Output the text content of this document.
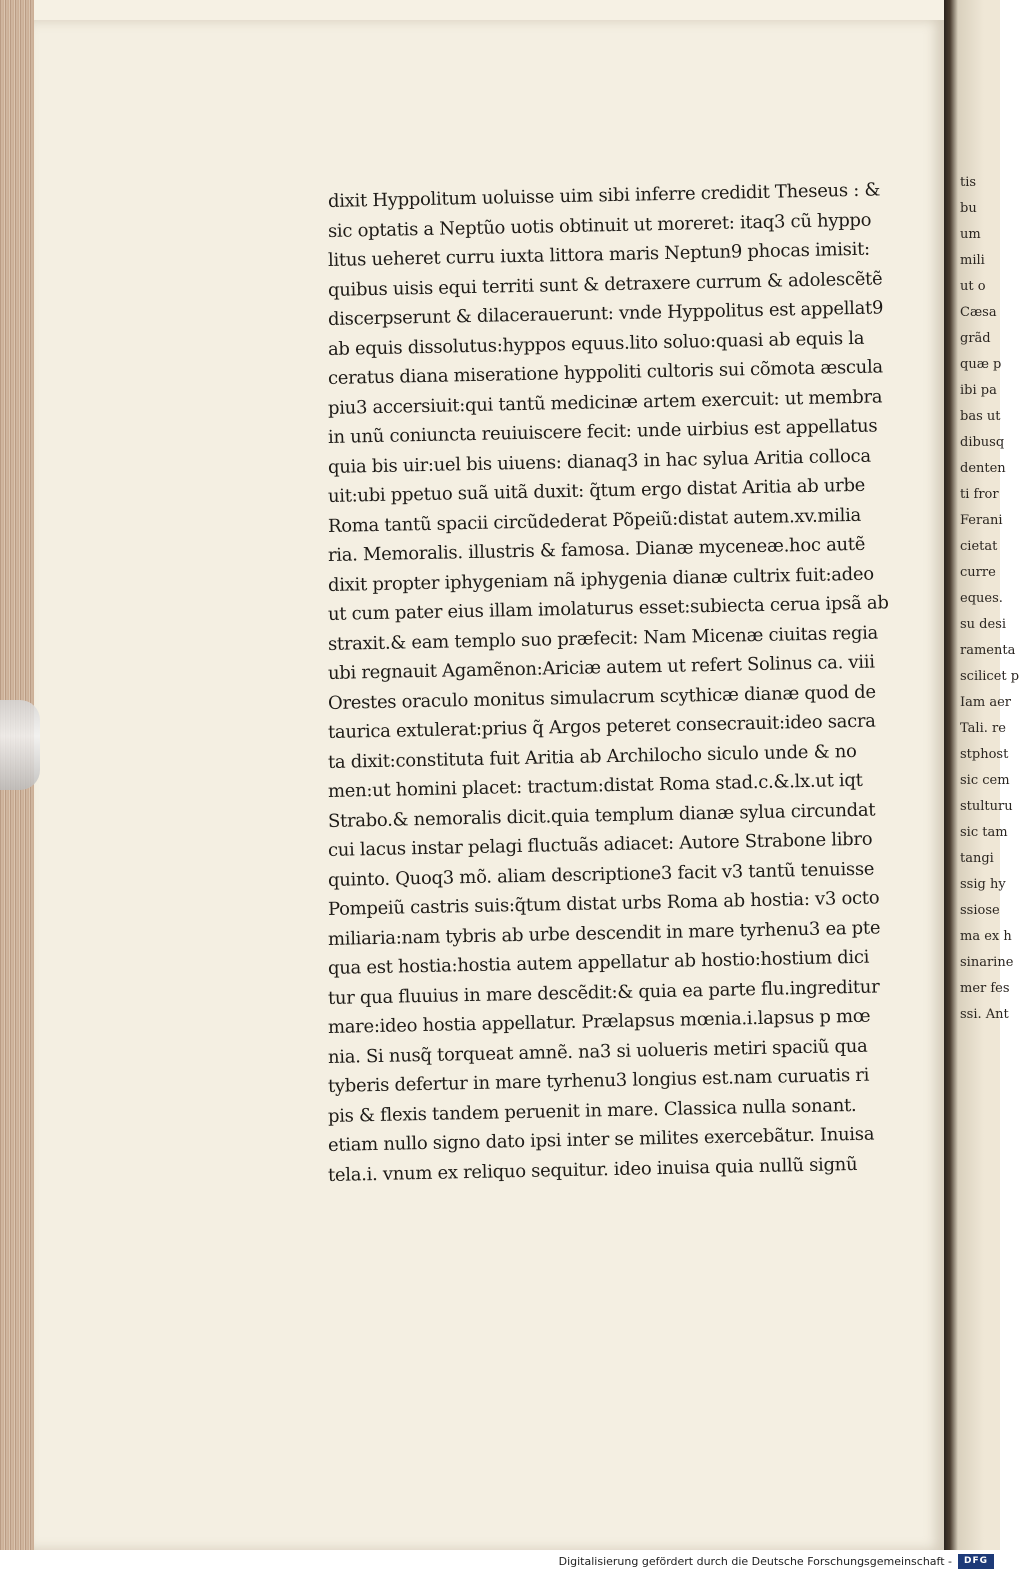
dixit Hyppolitum uoluisse uim sibi inferre credidit Theseus : &
sic optatis a Neptũo uotis obtinuit ut moreret: itaq3 cũ hyppo
litus ueheret curru iuxta littora maris Neptun9 phocas imisit:
quibus uisis equi territi sunt & detraxere currum & adolescẽtẽ
discerpserunt & dilacerauerunt: vnde Hyppolitus est appellat9
ab equis dissolutus:hyppos equus.lito soluo:quasi ab equis la
ceratus diana miseratione hyppoliti cultoris sui cõmota æscula
piu3 accersiuit:qui tantũ medicinæ artem exercuit: ut membra
in unũ coniuncta reuiuiscere fecit: unde uirbius est appellatus
quia bis uir:uel bis uiuens: dianaq3 in hac sylua Aritia colloca
uit:ubi ppetuo suã uitã duxit: q̃tum ergo distat Aritia ab urbe
Roma tantũ spacii circũdederat Põpeiũ:distat autem.xv.milia
ria. Memoralis. illustris & famosa. Dianæ myceneæ.hoc autẽ
dixit propter iphygeniam nã iphygenia dianæ cultrix fuit:adeo
ut cum pater eius illam imolaturus esset:subiecta cerua ipsã ab
straxit.& eam templo suo præfecit: Nam Micenæ ciuitas regia
ubi regnauit Agamẽnon:Ariciæ autem ut refert Solinus ca. viii
Orestes oraculo monitus simulacrum scythicæ dianæ quod de
taurica extulerat:prius q̃ Argos peteret consecrauit:ideo sacra
ta dixit:constituta fuit Aritia ab Archilocho siculo unde & no
men:ut homini placet: tractum:distat Roma stad.c.&.lx.ut iqt
Strabo.& nemoralis dicit.quia templum dianæ sylua circundat
cui lacus instar pelagi fluctuãs adiacet: Autore Strabone libro
quinto. Quoq3 mõ. aliam descriptione3 facit v3 tantũ tenuisse
Pompeiũ castris suis:q̃tum distat urbs Roma ab hostia: v3 octo
miliaria:nam tybris ab urbe descendit in mare tyrhenu3 ea pte
qua est hostia:hostia autem appellatur ab hostio:hostium dici
tur qua fluuius in mare descẽdit:& quia ea parte flu.ingreditur
mare:ideo hostia appellatur. Prælapsus mœnia.i.lapsus p mœ
nia. Si nusq̃ torqueat amnẽ. na3 si uolueris metiri spaciũ qua
tyberis defertur in mare tyrhenu3 longius est.nam curuatis ri
pis & flexis tandem peruenit in mare. Classica nulla sonant.
etiam nullo signo dato ipsi inter se milites exercebãtur. Inuisa
tela.i. vnum ex reliquo sequitur. ideo inuisa quia nullũ signũ
tis
bu
um
mili
ut o
Cæsa
grãd
quæ p
ibi pa
bas ut
dibusq
denten
ti fror
Ferani
cietat
curre
eques.
su desi
ramenta
scilicet p
Iam aer
Tali. re
stphost
sic cem
stulturu
sic tam
tangi
ssig hy
ssiose
ma ex h
sinarine
mer fes
ssi. Ant
Digitalisierung gefördert durch die Deutsche Forschungsgemeinschaft -	DFG
